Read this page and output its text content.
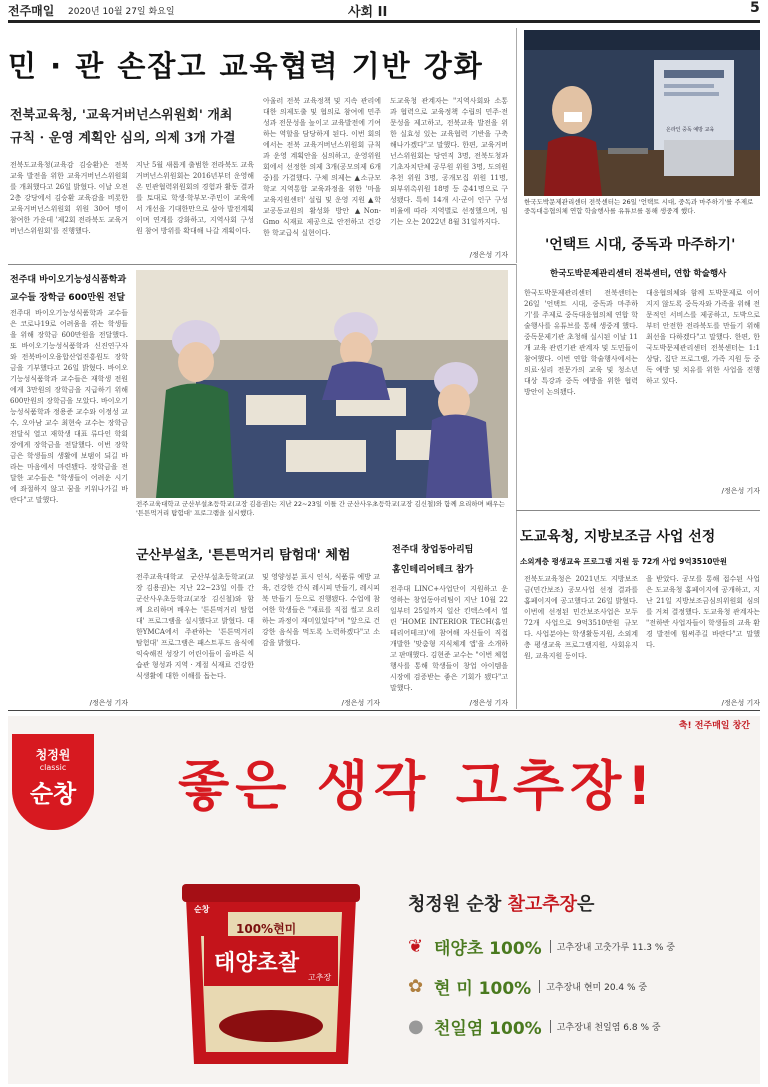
전주매일 2020년 10월 27일 화요일	사회 II	5
민 · 관 손잡고 교육협력 기반 강화
전북교육청, '교육거버넌스위원회' 개최
규칙 · 운영 계획안 심의, 의제 3개 가결
전북도교육청(교육감 김승환)은 전북교육 발전을 위한 교육거버넌스위원회를 개최했다고 26일 밝혔다. 이날 오전 2층 강당에서 김승환 교육감을 비롯한 교육거버넌스위원회 위원 30여 명이 참여한 가운데 '제2회 전라북도 교육거버넌스위원회'를 진행했다.
지난 5월 새롭게 출범한 전라북도 교육거버넌스위원회는 2016년부터 운영해 온 민관협력위원회의 경험과 활동 결과를 토대로 학생·학부모·주민이 교육에서 개선을 기대한만으로 삼아 발전계획이며 연계를 강화하고, 지역사회 구성원 참여 방위를 확대해 나갈 계획이다.
아울러 전북 교육정책 및 지속 관리에 대한 의제도출 및 협의로 참여에 민주성과 전문성을 높이고 교육발전에 기여하는 역할을 담당하게 된다. 이번 회의에서는 전북 교육거버넌스위원회 규칙과 운영 계획안을 심의하고, 운영위원회에서 선정한 의제 3개(공모의제 6개 중)를 가결했다. 구체 의제는 ▲소규모학교 지역통합 교육과정을 위한 '마을교육지원센터' 설립 및 운영 지원 ▲학교공동교원의 활성화 방안 ▲Non-Gmo 식재료 제공으로 안전하고 건강한 학교급식 실현이다.
도교육청 관계자는 "지역사회와 소통과 협력으로 교육정책 수립의 민주·전문성을 제고하고, 전북교육 발전을 위한 실효성 있는 교육협력 기반을 구축해나가겠다"고 말했다. 한편, 교육거버넌스위원회는 당연직 3명, 전북도청과 기초자치단체 공무원 위원 3명, 도의원 추천 위원 3명, 공개모집 위원 11명, 외부위촉위원 18명 등 총41명으로 구성됐다. 특히 14개 시·군이 인구 구성 비율에 따라 지역별로 선정했으며, 임기는 오는 2022년 8월 31일까지다.
/정은성 기자
온라인 중독 예방 교육
한국도박문제관리센터 전북센터는 26일 '언택트 시대, 중독과 마주하기'를 주제로 중독대응협의체 연합 학술행사를 유튜브를 통해 생중계 했다.
'언택트 시대, 중독과 마주하기'
한국도박문제관리센터 전북센터, 연합 학술행사
한국도박문제관리센터 전북센터는 26일 '언택트 시대, 중독과 마주하기'를 주제로 중독대응협의체 연합 학술행사를 유튜브를 통해 생중계 했다. 중독문제기관 초청해 실시된 이날 11개 교육 관련기관 관계자 및 도민들이 참여했다. 이번 연합 학술행사에서는 의료·심리 전문가의 교육 및 청소년 대상 특강과 중독 예방을 위한 협력 방안이 논의됐다.
대응협의체와 함께 도박문제로 이어지지 않도록 중독자와 가족을 위해 전문적인 서비스를 제공하고, 도박으로부터 안전한 전라북도를 만들기 위해 최선을 다하겠다"고 말했다. 한편, 한국도박문제관리센터 전북센터는 1:1 상담, 집단 프로그램, 가족 지원 등 중독 예방 및 치유를 위한 사업을 진행하고 있다.
/정은성 기자
전주대 바이오기능성식품학과
교수들 장학금 600만원 전달
전주대 바이오기능성식품학과 교수들은 코로나19로 어려움을 겪는 학생들을 위해 장학금 600만원을 전달했다. 또 바이오기능성식품학과 신진연구자와 전북바이오융합산업진흥원도 장학금을 기부했다고 26일 밝혔다. 바이오기능성식품학과 교수들은 재학생 전원에게 3만원의 장학금을 지급하기 위해 600만원의 장학금을 모았다. 바이오기능성식품학과 정용준 교수와 이정성 교수, 오아남 교수 최현숙 교수는 장학금 전달식 열고 재학생 대표 류다인 학회장에게 장학금을 전달했다. 이번 장학금은 학생들의 생활에 보탬이 되길 바라는 마음에서 마련됐다. 장학금을 전달한 교수들은 "학생들이 어려운 시기에 좌절하지 않고 꿈을 키워나가길 바란다"고 말했다.
/정은성 기자
전주교육대학교 군산부설초등학교(교장 김용권)는 지난 22~23일 이틀 간 군산사우초등학교(교장 김신철)와 함께 요리하며 배우는 '튼튼먹거리 탐험대' 프로그램을 실시했다.
군산부설초, '튼튼먹거리 탐험대' 체험
전주교육대학교 군산부설초등학교(교장 김용권)는 지난 22~23일 이틀 간 군산사우초등학교(교장 김신철)와 함께 요리하며 배우는 '튼튼먹거리 탐험대' 프로그램을 실시했다고 밝혔다. 대한YMCA에서 주관하는 '튼튼먹거리 탐험대' 프로그램은 패스트푸드 음식에 익숙해진 성장기 어린이들이 올바른 식습관 형성과 지역 · 계절 식재료 건강한 식생활에 대한 이해를 돕는다.
및 영양성분 표시 인식, 식품류 예방 교육, 건강한 간식 레시피 만들기, 레시피북 만들기 등으로 진행됐다. 수업에 참여한 학생들은 "재료를 직접 썰고 요리하는 과정이 재미있었다"며 "앞으로 건강한 음식을 먹도록 노력하겠다"고 소감을 밝혔다.
/정은성 기자
전주대 창업동아리팀
홈인테리어테크 참가
전주대 LINC+사업단이 지원하고 운영하는 창업동아리팀이 지난 10월 22일부터 25일까지 일산 킨텍스에서 열린 'HOME INTERIOR TECH(홈인테리어테크)'에 참여해 자신들이 직접 개발한 '맞춤형 지식체계 앱'을 소개하고 판매했다. 김현준 교수는 "이번 체험행사를 통해 학생들이 창업 아이템을 시장에 검증받는 좋은 기회가 됐다"고 말했다.
/정은성 기자
도교육청, 지방보조금 사업 선정
소외계층 평생교육 프로그램 지원 등 72개 사업 9억3510만원
전북도교육청은 2021년도 지방보조금(민간보조) 공모사업 선정 결과를 홈페이지에 공고했다고 26일 밝혔다. 이번에 선정된 민간보조사업은 모두 72개 사업으로 9억3510만원 규모다. 사업분야는 학생활동지원, 소외계층 평생교육 프로그램지원, 사회유지원, 교육지원 등이다.
을 받았다. 공모를 통해 접수된 사업은 도교육청 홈페이지에 공개하고, 지난 21일 지방보조금심의위원회 심의를 거쳐 결정했다. 도교육청 관계자는 "전하반 사업자들이 학생들의 교육 환경 발전에 힘써주길 바란다"고 말했다.
/정은성 기자
축! 전주매일 창간
청정원
classic
순창	좋은 생각 고추장!
순창
100%현미
태양초찰
고추장
청정원 순창 찰고추장은
❦ 태양초 100%	고추장내 고춧가루 11.3 % 중
✿ 현 미 100%	고추장내 현미 20.4 % 중
● 천일염 100%	고추장내 천일염 6.8 % 중
